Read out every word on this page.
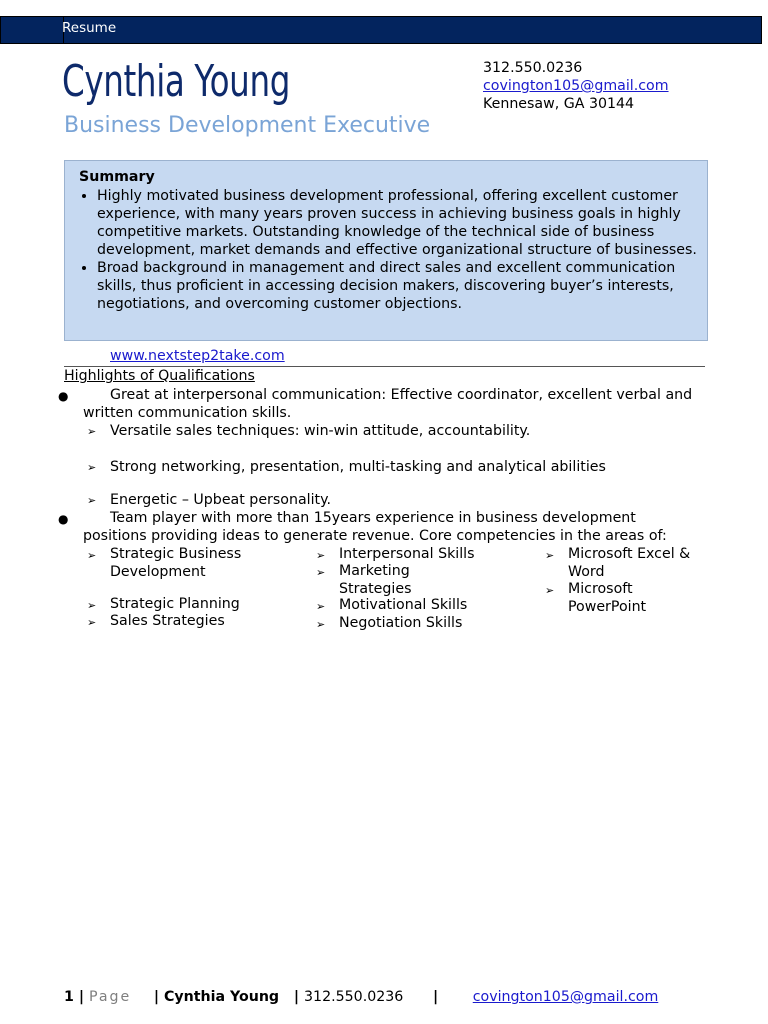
Resume
Cynthia Young
Business Development Executive
312.550.0236
covington105@gmail.com
Kennesaw, GA 30144
Summary
• Highly motivated business development professional, offering excellent customer experience, with many years proven success in achieving business goals in highly competitive markets. Outstanding knowledge of the technical side of business development, market demands and effective organizational structure of businesses.
• Broad background in management and direct sales and excellent communication skills, thus proficient in accessing decision makers, discovering buyer’s interests, negotiations, and overcoming customer objections.
www.nextstep2take.com
Highlights of Qualifications
●	Great at interpersonal communication: Effective coordinator, excellent verbal and
written communication skills.
➢ Versatile sales techniques: win-win attitude, accountability.
➢ Strong networking, presentation, multi-tasking and analytical abilities
➢ Energetic – Upbeat personality.
●	Team player with more than 15years experience in business development
positions providing ideas to generate revenue. Core competencies in the areas of:
➢ Strategic Business Development
➢ Strategic Planning
➢ Sales Strategies
➢ Interpersonal Skills
➢ Marketing Strategies
➢ Motivational Skills
➢ Negotiation Skills
➢ Microsoft Excel & Word
➢ Microsoft PowerPoint
1 | Page | Cynthia Young   | 312.550.0236      |       covington105@gmail.com
